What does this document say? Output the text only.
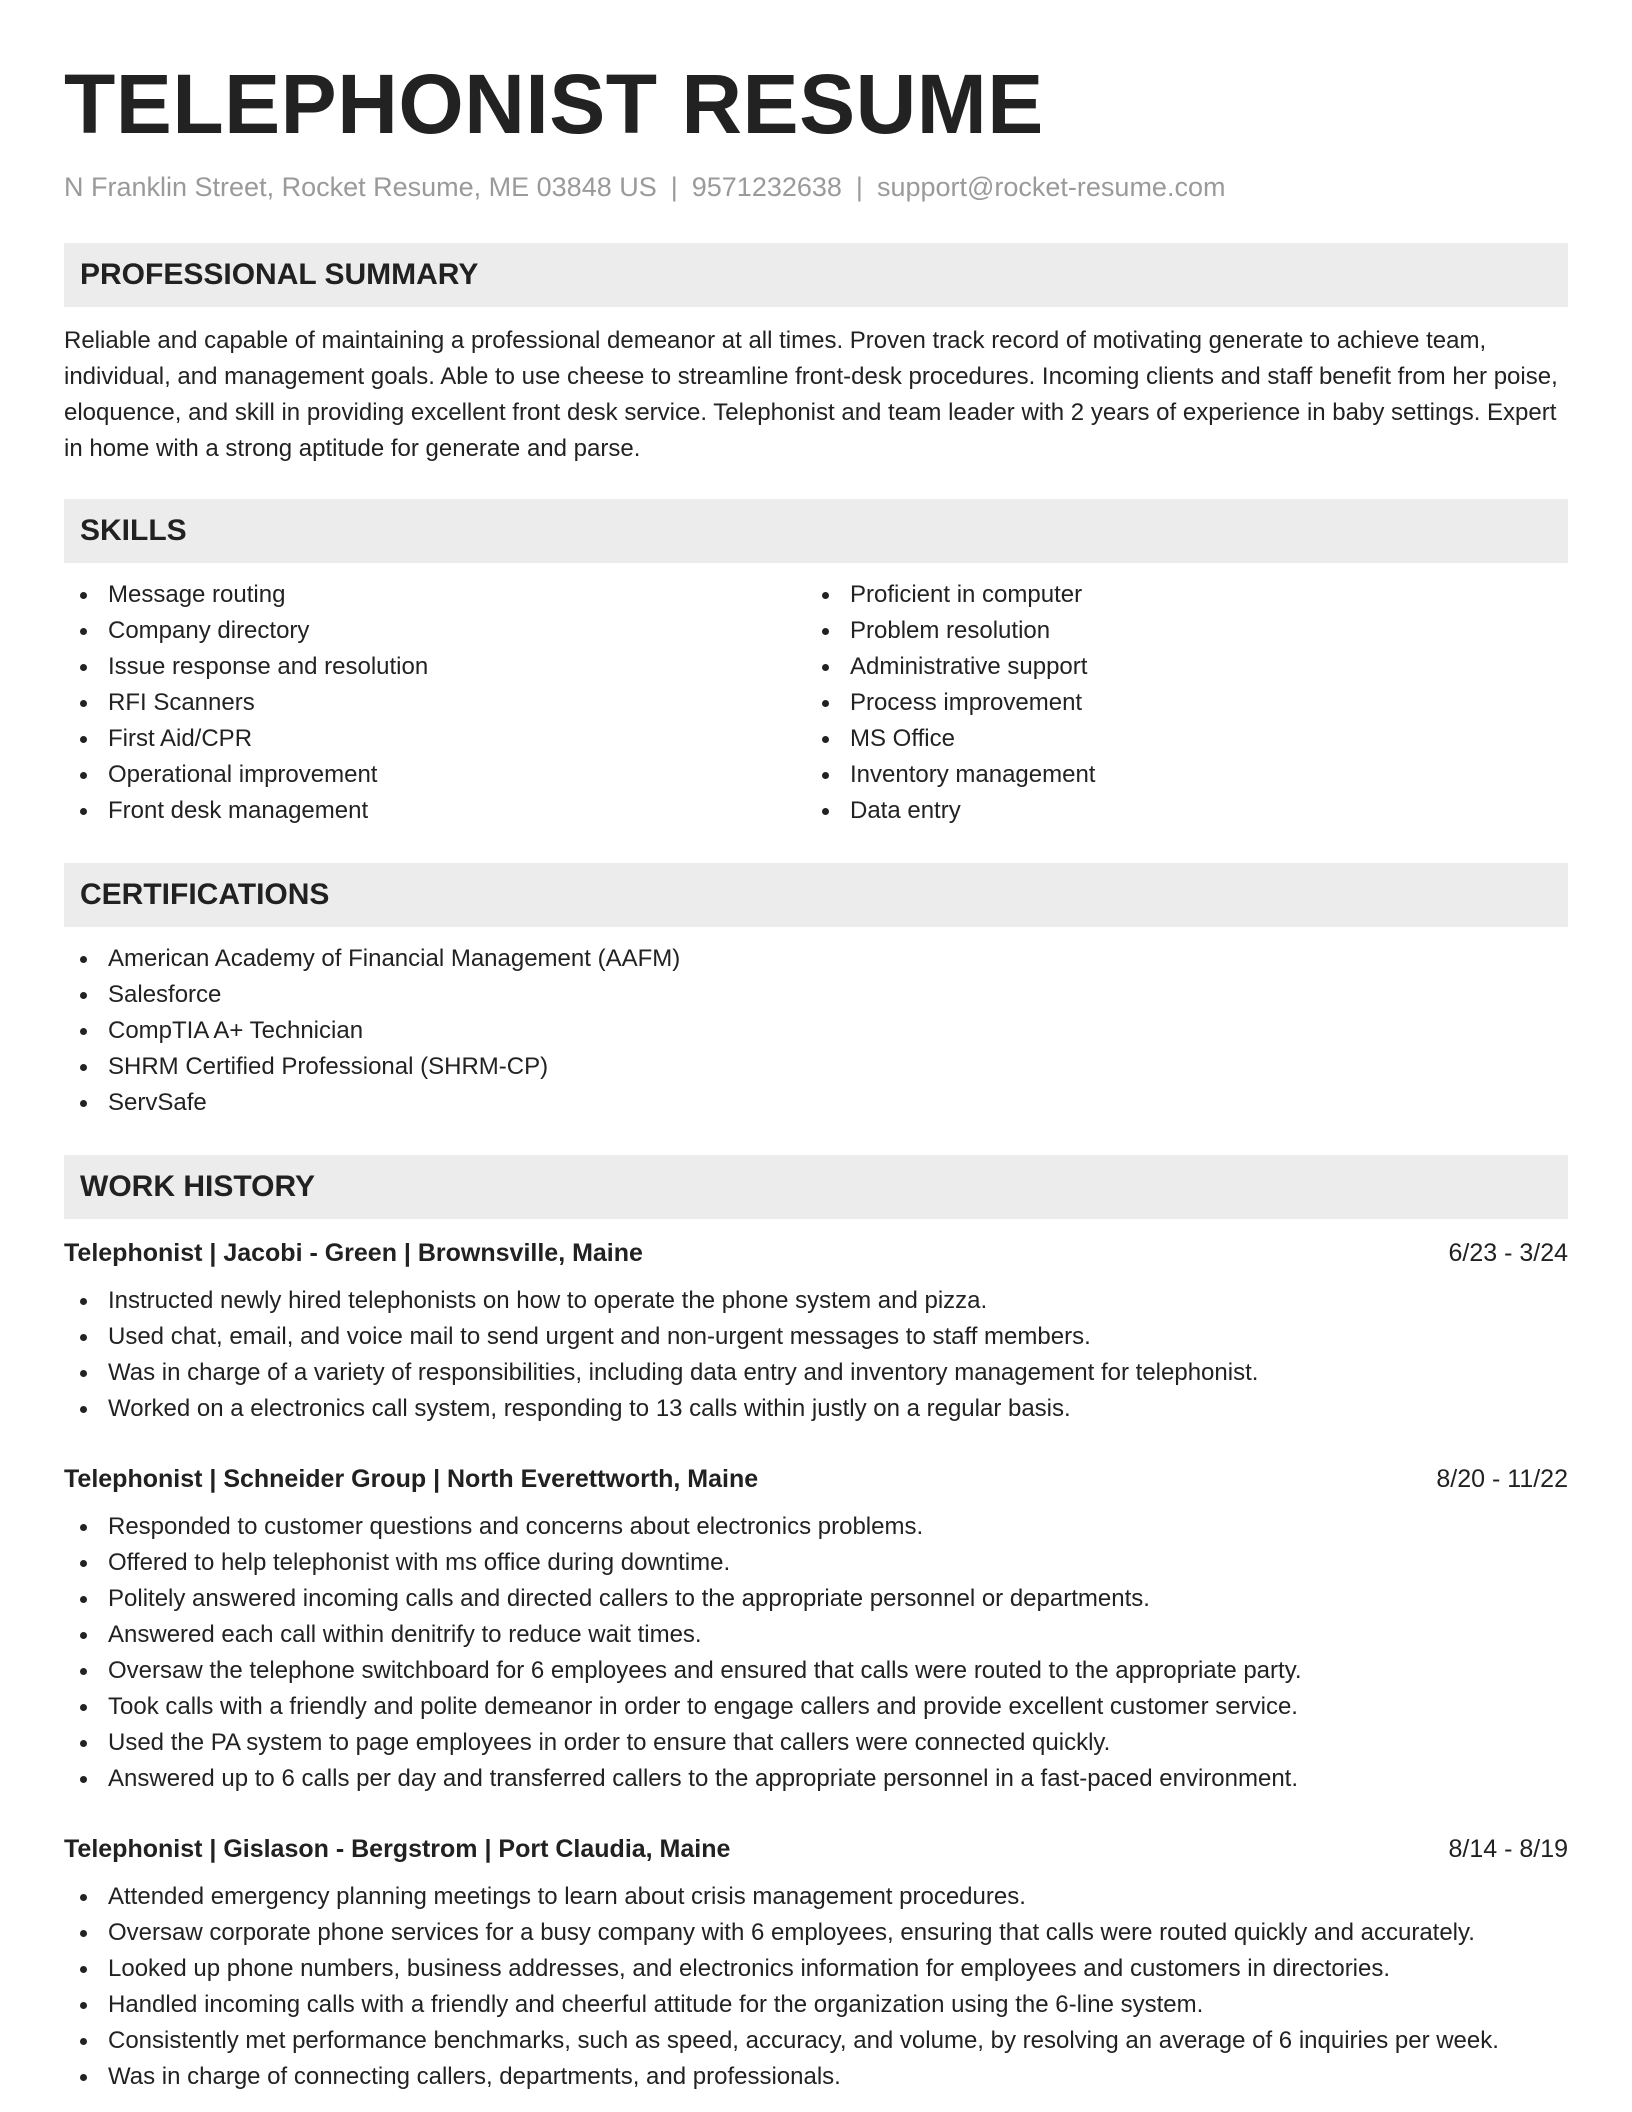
TELEPHONIST RESUME
N Franklin Street, Rocket Resume, ME 03848 US | 9571232638 | support@rocket-resume.com
PROFESSIONAL SUMMARY

Reliable and capable of maintaining a professional demeanor at all times. Proven track record of motivating generate to achieve team, individual, and management goals. Able to use cheese to streamline front-desk procedures. Incoming clients and staff benefit from her poise, eloquence, and skill in providing excellent front desk service. Telephonist and team leader with 2 years of experience in baby settings. Expert in home with a strong aptitude for generate and parse.

SKILLS
Message routing
Company directory
Issue response and resolution
RFI Scanners
First Aid/CPR
Operational improvement
Front desk management
Proficient in computer
Problem resolution
Administrative support
Process improvement
MS Office
Inventory management
Data entry
CERTIFICATIONS
American Academy of Financial Management (AAFM)
Salesforce
CompTIA A+ Technician
SHRM Certified Professional (SHRM-CP)
ServSafe
WORK HISTORY
Telephonist | Jacobi - Green | Brownsville, Maine	6/23 - 3/24
Instructed newly hired telephonists on how to operate the phone system and pizza.
Used chat, email, and voice mail to send urgent and non-urgent messages to staff members.
Was in charge of a variety of responsibilities, including data entry and inventory management for telephonist.
Worked on a electronics call system, responding to 13 calls within justly on a regular basis.
Telephonist | Schneider Group | North Everettworth, Maine	8/20 - 11/22
Responded to customer questions and concerns about electronics problems.
Offered to help telephonist with ms office during downtime.
Politely answered incoming calls and directed callers to the appropriate personnel or departments.
Answered each call within denitrify to reduce wait times.
Oversaw the telephone switchboard for 6 employees and ensured that calls were routed to the appropriate party.
Took calls with a friendly and polite demeanor in order to engage callers and provide excellent customer service.
Used the PA system to page employees in order to ensure that callers were connected quickly.
Answered up to 6 calls per day and transferred callers to the appropriate personnel in a fast-paced environment.
Telephonist | Gislason - Bergstrom | Port Claudia, Maine	8/14 - 8/19
Attended emergency planning meetings to learn about crisis management procedures.
Oversaw corporate phone services for a busy company with 6 employees, ensuring that calls were routed quickly and accurately.
Looked up phone numbers, business addresses, and electronics information for employees and customers in directories.
Handled incoming calls with a friendly and cheerful attitude for the organization using the 6-line system.
Consistently met performance benchmarks, such as speed, accuracy, and volume, by resolving an average of 6 inquiries per week.
Was in charge of connecting callers, departments, and professionals.
